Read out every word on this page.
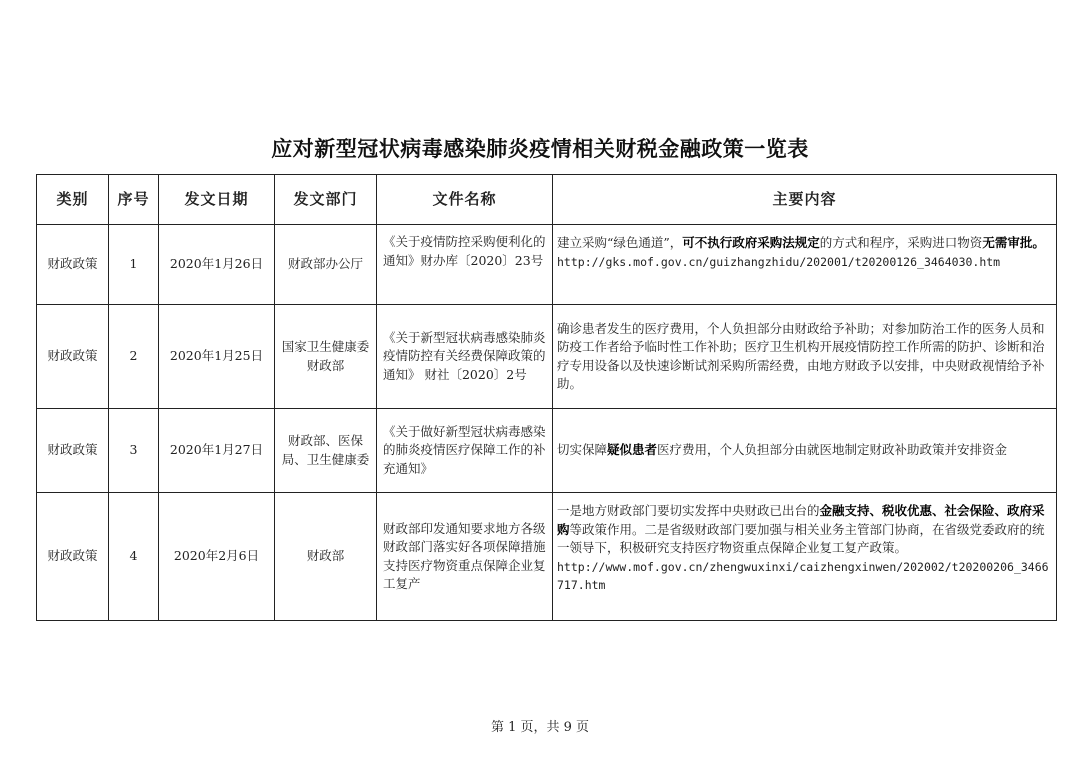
应对新型冠状病毒感染肺炎疫情相关财税金融政策一览表
类别	序号	发文日期	发文部门	文件名称	主要内容
财政政策	1	2020年1月26日	财政部办公厅	《关于疫情防控采购便利化的通知》财办库〔2020〕23号	建立采购“绿色通道”，可不执行政府采购法规定的方式和程序，采购进口物资无需审批。
http://gks.mof.gov.cn/guizhangzhidu/202001/t20200126_3464030.htm
财政政策	2	2020年1月25日	国家卫生健康委 财政部	《关于新型冠状病毒感染肺炎疫情防控有关经费保障政策的通知》 财社〔2020〕2号	确诊患者发生的医疗费用，个人负担部分由财政给予补助；对参加防治工作的医务人员和防疫工作者给予临时性工作补助；医疗卫生机构开展疫情防控工作所需的防护、诊断和治疗专用设备以及快速诊断试剂采购所需经费，由地方财政予以安排，中央财政视情给予补助。
财政政策	3	2020年1月27日	财政部、医保局、卫生健康委	《关于做好新型冠状病毒感染的肺炎疫情医疗保障工作的补充通知》	切实保障疑似患者医疗费用，个人负担部分由就医地制定财政补助政策并安排资金
财政政策	4	2020年2月6日	财政部	财政部印发通知要求地方各级财政部门落实好各项保障措施 支持医疗物资重点保障企业复工复产	一是地方财政部门要切实发挥中央财政已出台的金融支持、税收优惠、社会保险、政府采购等政策作用。二是省级财政部门要加强与相关业务主管部门协商，在省级党委政府的统一领导下，积极研究支持医疗物资重点保障企业复工复产政策。
http://www.mof.gov.cn/zhengwuxinxi/caizhengxinwen/202002/t20200206_3466717.htm
第 1 页，共 9 页
